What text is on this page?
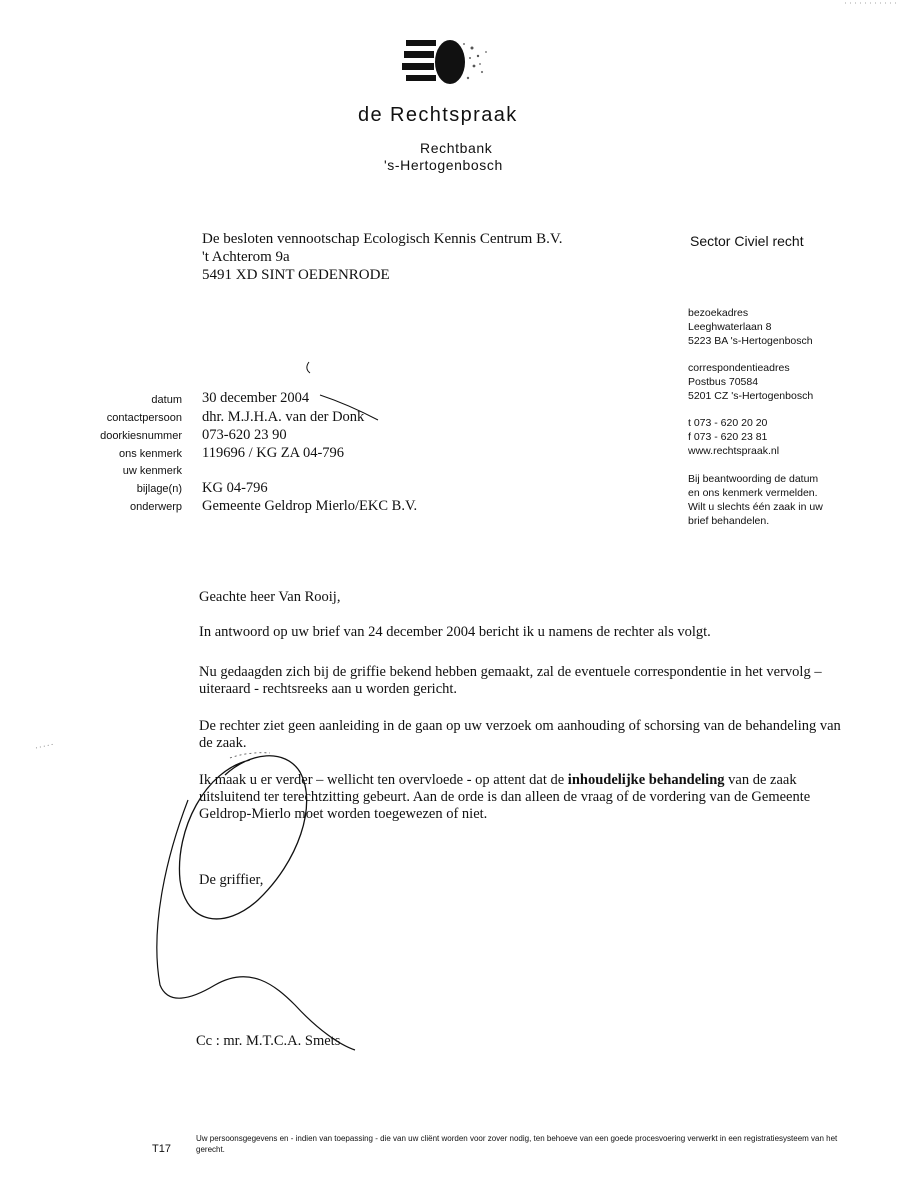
de Rechtspraak
Rechtbank
's-Hertogenbosch
De besloten vennootschap Ecologisch Kennis Centrum B.V.
't Achterom 9a
5491 XD SINT OEDENRODE
Sector Civiel recht
bezoekadres
Leeghwaterlaan 8
5223 BA 's-Hertogenbosch
correspondentieadres
Postbus 70584
5201 CZ 's-Hertogenbosch
t 073 - 620 20 20
f 073 - 620 23 81
www.rechtspraak.nl
Bij beantwoording de datum
en ons kenmerk vermelden.
Wilt u slechts één zaak in uw
brief behandelen.
datum 30 december 2004
contactpersoon dhr. M.J.H.A. van der Donk
doorkiesnummer 073-620 23 90
ons kenmerk 119696 / KG ZA 04-796
uw kenmerk
bijlage(n) KG 04-796
onderwerp Gemeente Geldrop Mierlo/EKC B.V.
Geachte heer Van Rooij,
In antwoord op uw brief van 24 december 2004 bericht ik u namens de rechter als volgt.
Nu gedaagden zich bij de griffie bekend hebben gemaakt, zal de eventuele correspondentie in het vervolg – uiteraard - rechtsreeks aan u worden gericht.
De rechter ziet geen aanleiding in de gaan op uw verzoek om aanhouding of schorsing van de behandeling van de zaak.
Ik maak u er verder – wellicht ten overvloede - op attent dat de inhoudelijke behandeling van de zaak uitsluitend ter terechtzitting gebeurt. Aan de orde is dan alleen de vraag of de vordering van de Gemeente Geldrop-Mierlo moet worden toegewezen of niet.
De griffier,
Cc : mr. M.T.C.A. Smets
T17
Uw persoonsgegevens en - indien van toepassing - die van uw cliënt worden voor zover nodig, ten behoeve van een goede procesvoering verwerkt in een registratiesysteem van het gerecht.
